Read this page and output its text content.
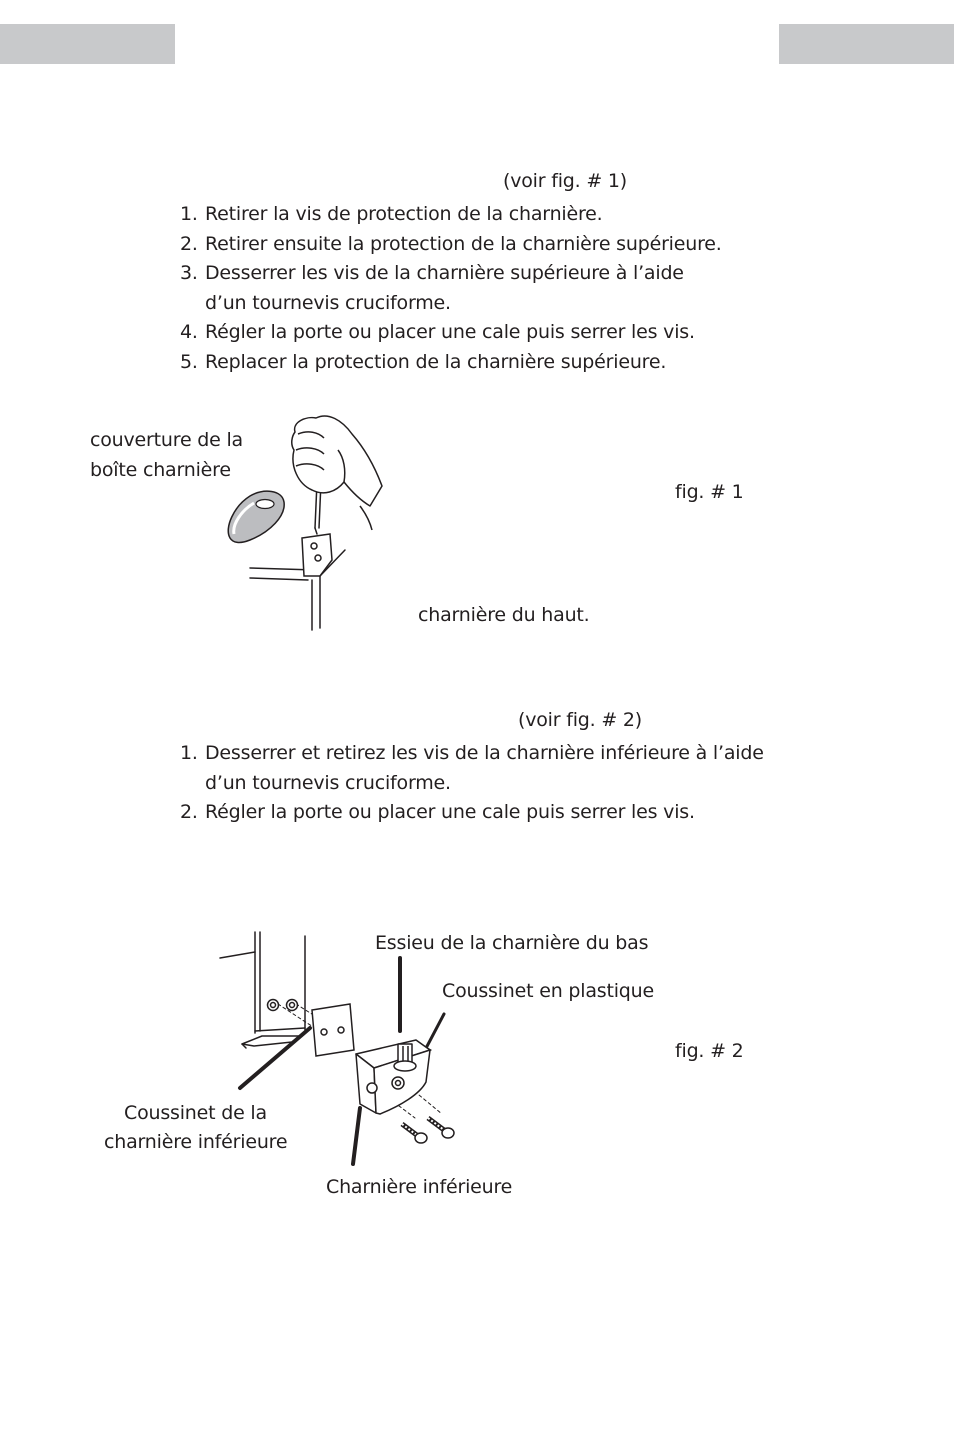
(voir fig. # 1)
1. Retirer la vis de protection de la charnière.
2. Retirer ensuite la protection de la charnière supérieure.
3. Desserrer les vis de la charnière supérieure à l’aide
d’un tournevis cruciforme.
4. Régler la porte ou placer une cale puis serrer les vis.
5. Replacer la protection de la charnière supérieure.
couverture de la
boîte charnière
fig. # 1
charnière du haut.
(voir fig. # 2)
1. Desserrer et retirez les vis de la charnière inférieure à l’aide
d’un tournevis cruciforme.
2. Régler la porte ou placer une cale puis serrer les vis.
Essieu de la charnière du bas
Coussinet en plastique
fig. # 2
Coussinet de la
charnière inférieure
Charnière inférieure
